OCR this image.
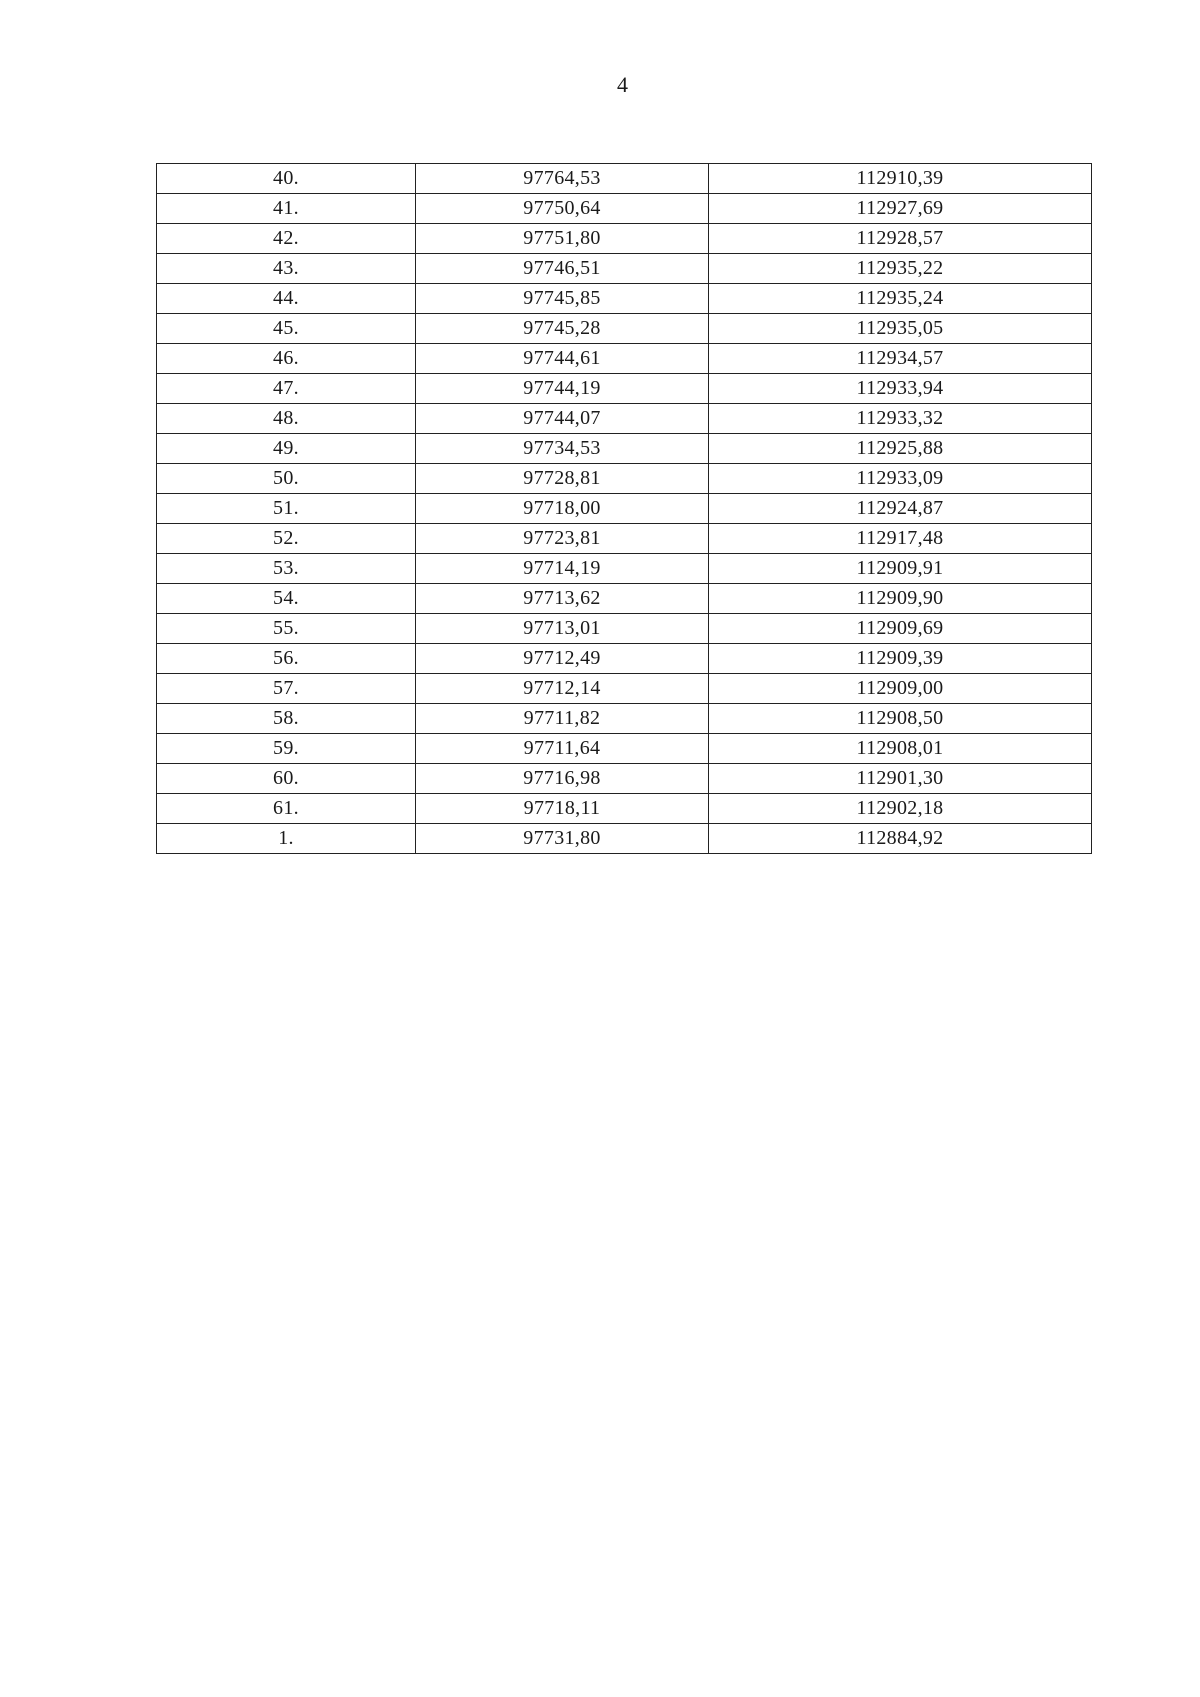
4
40.	97764,53	112910,39
41.	97750,64	112927,69
42.	97751,80	112928,57
43.	97746,51	112935,22
44.	97745,85	112935,24
45.	97745,28	112935,05
46.	97744,61	112934,57
47.	97744,19	112933,94
48.	97744,07	112933,32
49.	97734,53	112925,88
50.	97728,81	112933,09
51.	97718,00	112924,87
52.	97723,81	112917,48
53.	97714,19	112909,91
54.	97713,62	112909,90
55.	97713,01	112909,69
56.	97712,49	112909,39
57.	97712,14	112909,00
58.	97711,82	112908,50
59.	97711,64	112908,01
60.	97716,98	112901,30
61.	97718,11	112902,18
1.	97731,80	112884,92
